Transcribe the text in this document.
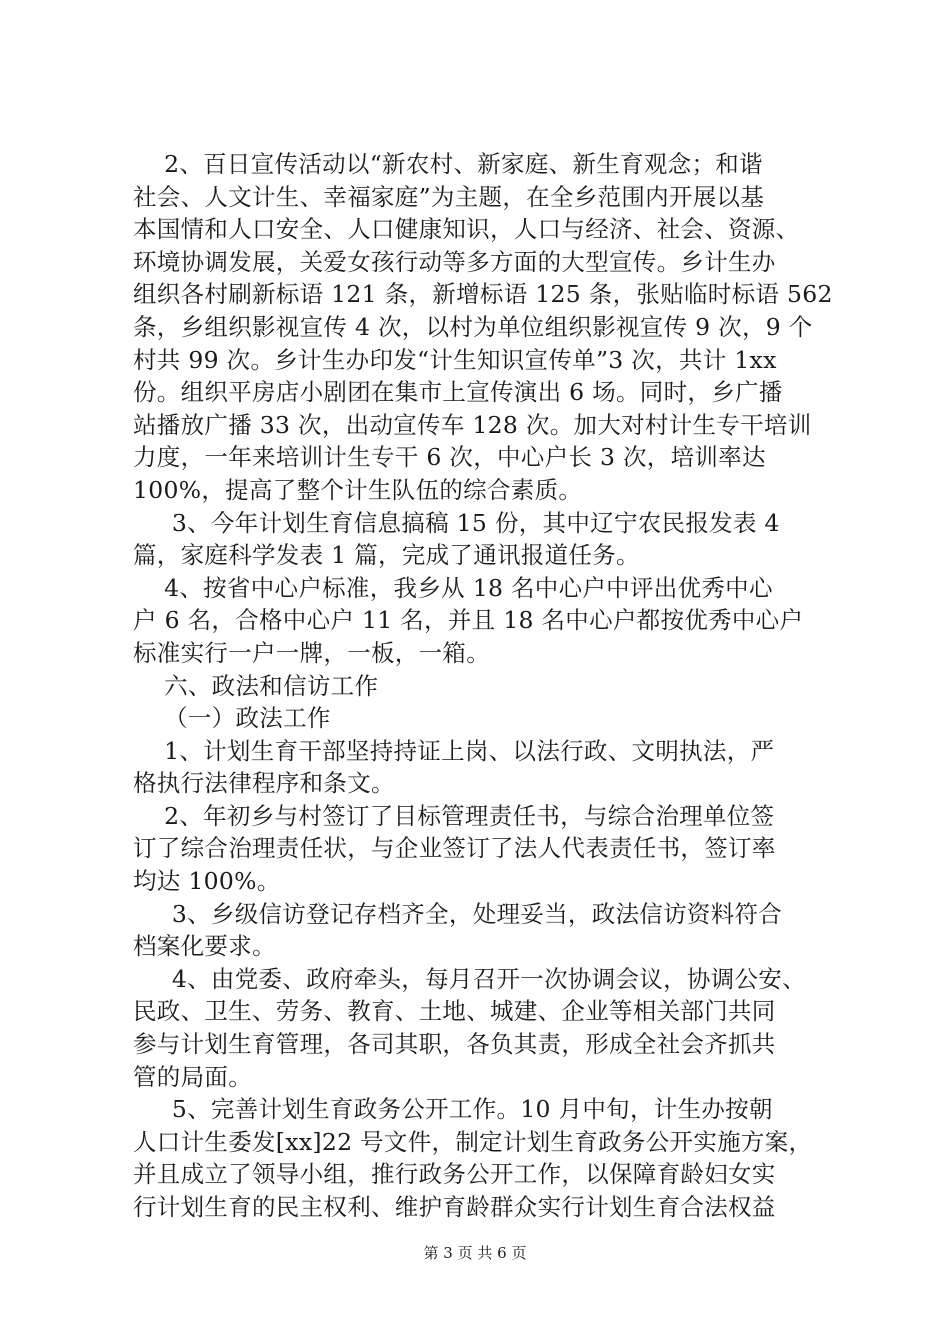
2、百日宣传活动以“新农村、新家庭、新生育观念；和谐
社会、人文计生、幸福家庭”为主题，在全乡范围内开展以基
本国情和人口安全、人口健康知识，人口与经济、社会、资源、
环境协调发展，关爱女孩行动等多方面的大型宣传。乡计生办
组织各村刷新标语 121 条，新增标语 125 条，张贴临时标语 562
条，乡组织影视宣传 4 次，以村为单位组织影视宣传 9 次，9 个
村共 99 次。乡计生办印发“计生知识宣传单”3 次，共计 1xx
份。组织平房店小剧团在集市上宣传演出 6 场。同时，乡广播
站播放广播 33 次，出动宣传车 128 次。加大对村计生专干培训
力度，一年来培训计生专干 6 次，中心户长 3 次，培训率达
100%，提高了整个计生队伍的综合素质。
3、今年计划生育信息搞稿 15 份，其中辽宁农民报发表 4
篇，家庭科学发表 1 篇，完成了通讯报道任务。
4、按省中心户标准，我乡从 18 名中心户中评出优秀中心
户 6 名，合格中心户 11 名，并且 18 名中心户都按优秀中心户
标准实行一户一牌，一板，一箱。
六、政法和信访工作
（一）政法工作
1、计划生育干部坚持持证上岗、以法行政、文明执法，严
格执行法律程序和条文。
2、年初乡与村签订了目标管理责任书，与综合治理单位签
订了综合治理责任状，与企业签订了法人代表责任书，签订率
均达 100%。
3、乡级信访登记存档齐全，处理妥当，政法信访资料符合
档案化要求。
4、由党委、政府牵头，每月召开一次协调会议，协调公安、
民政、卫生、劳务、教育、土地、城建、企业等相关部门共同
参与计划生育管理，各司其职，各负其责，形成全社会齐抓共
管的局面。
5、完善计划生育政务公开工作。10 月中旬，计生办按朝
人口计生委发[xx]22 号文件，制定计划生育政务公开实施方案，
并且成立了领导小组，推行政务公开工作，以保障育龄妇女实
行计划生育的民主权利、维护育龄群众实行计划生育合法权益
第 3 页 共 6 页
